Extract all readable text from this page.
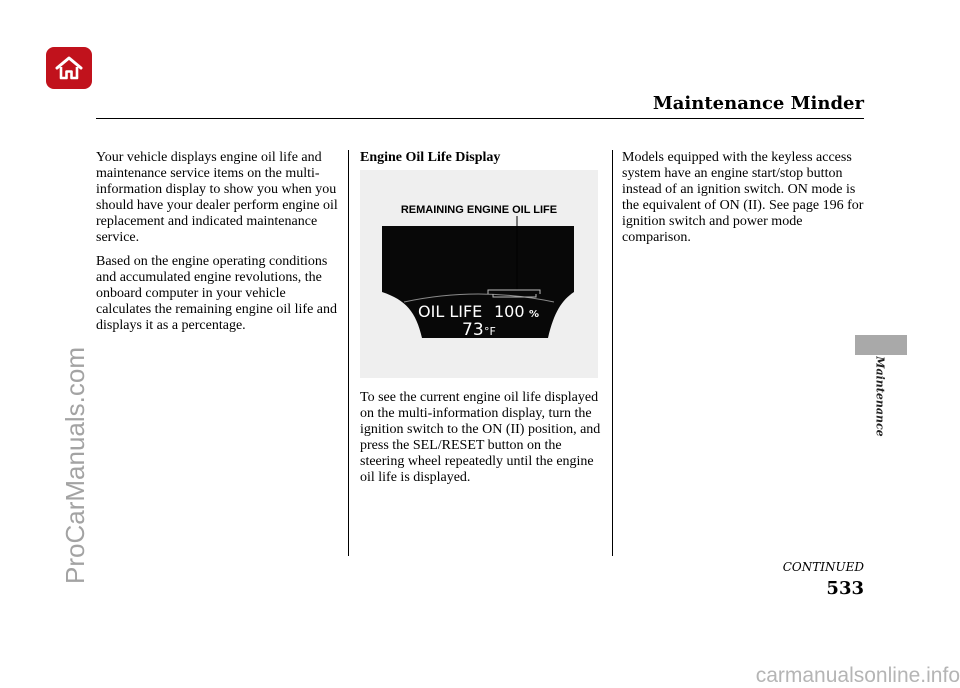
Maintenance Minder

Your vehicle displays engine oil life and maintenance service items on the multi-information display to show you when you should have your dealer perform engine oil replacement and indicated maintenance service.

Based on the engine operating conditions and accumulated engine revolutions, the onboard computer in your vehicle calculates the remaining engine oil life and displays it as a percentage.

Engine Oil Life Display
REMAINING ENGINE OIL LIFE
OIL LIFE 100 %
73 °F

To see the current engine oil life displayed on the multi-information display, turn the ignition switch to the ON (II) position, and press the SEL/RESET button on the steering wheel repeatedly until the engine oil life is displayed.

Models equipped with the keyless access system have an engine start/stop button instead of an ignition switch. ON mode is the equivalent of ON (II). See page 196 for ignition switch and power mode comparison.

Maintenance
CONTINUED
533
ProCarManuals.com
carmanualsonline.info
